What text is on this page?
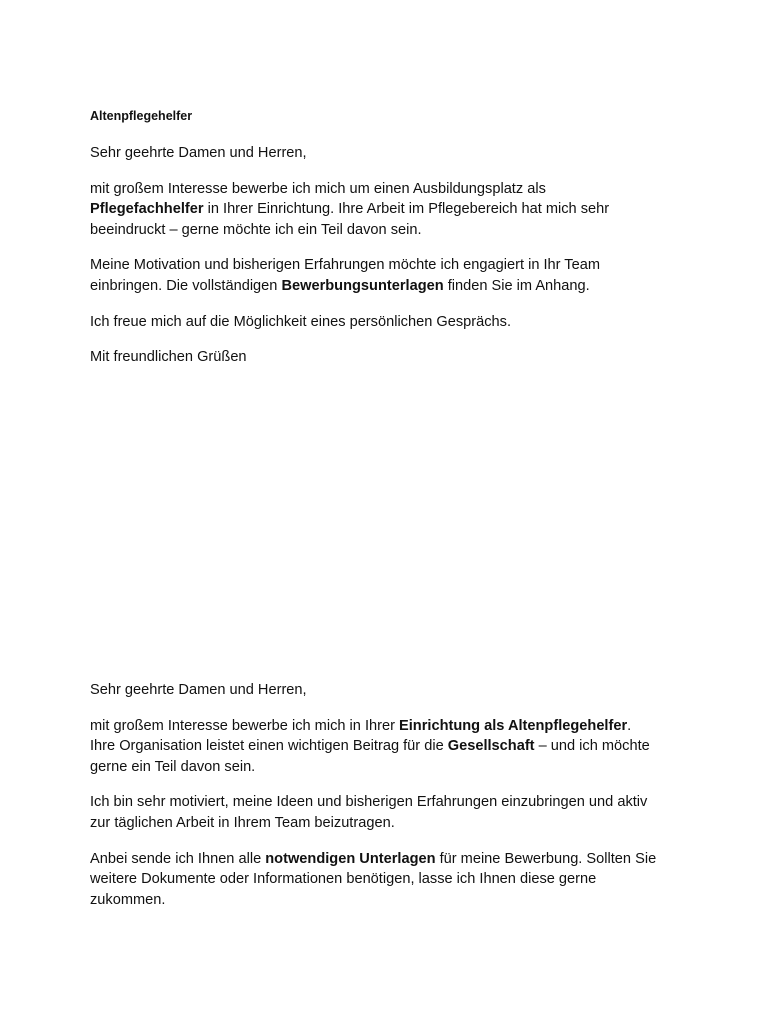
Altenpflegehelfer

Sehr geehrte Damen und Herren,

mit großem Interesse bewerbe ich mich um einen Ausbildungsplatz als
Pflegefachhelfer in Ihrer Einrichtung. Ihre Arbeit im Pflegebereich hat mich sehr
beeindruckt – gerne möchte ich ein Teil davon sein.

Meine Motivation und bisherigen Erfahrungen möchte ich engagiert in Ihr Team
einbringen. Die vollständigen Bewerbungsunterlagen finden Sie im Anhang.

Ich freue mich auf die Möglichkeit eines persönlichen Gesprächs.

Mit freundlichen Grüßen

Sehr geehrte Damen und Herren,

mit großem Interesse bewerbe ich mich in Ihrer Einrichtung als Altenpflegehelfer.
Ihre Organisation leistet einen wichtigen Beitrag für die Gesellschaft – und ich möchte
gerne ein Teil davon sein.

Ich bin sehr motiviert, meine Ideen und bisherigen Erfahrungen einzubringen und aktiv
zur täglichen Arbeit in Ihrem Team beizutragen.

Anbei sende ich Ihnen alle notwendigen Unterlagen für meine Bewerbung. Sollten Sie
weitere Dokumente oder Informationen benötigen, lasse ich Ihnen diese gerne
zukommen.
